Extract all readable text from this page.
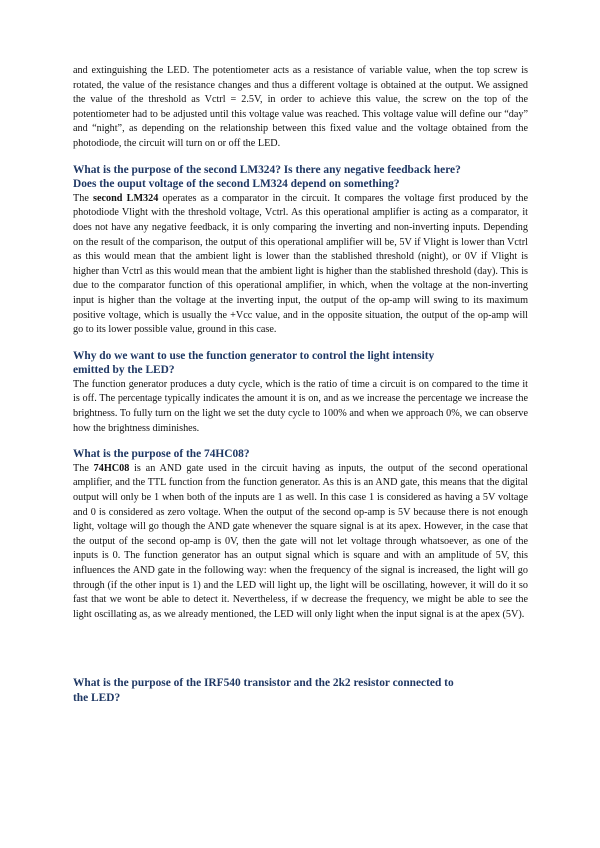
and extinguishing the LED. The potentiometer acts as a resistance of variable value, when the top screw is rotated, the value of the resistance changes and thus a different voltage is obtained at the output. We assigned the value of the threshold as Vctrl = 2.5V, in order to achieve this value, the screw on the top of the potentiometer had to be adjusted until this voltage value was reached. This voltage value will define our “day” and “night”, as depending on the relationship between this fixed value and the voltage obtained from the photodiode, the circuit will turn on or off the LED.

What is the purpose of the second LM324? Is there any negative feedback here?
Does the ouput voltage of the second LM324 depend on something?

The second LM324 operates as a comparator in the circuit. It compares the voltage first produced by the photodiode Vlight with the threshold voltage, Vctrl. As this operational amplifier is acting as a comparator, it does not have any negative feedback, it is only comparing the inverting and non-inverting inputs. Depending on the result of the comparison, the output of this operational amplifier will be, 5V if Vlight is lower than Vctrl as this would mean that the ambient light is lower than the stablished threshold (night), or 0V if Vlight is higher than Vctrl as this would mean that the ambient light is higher than the stablished threshold (day). This is due to the comparator function of this operational amplifier, in which, when the voltage at the non-inverting input is higher than the voltage at the inverting input, the output of the op-amp will swing to its maximum positive voltage, which is usually the +Vcc value, and in the opposite situation, the output of the op-amp will go to its lower possible value, ground in this case.

Why do we want to use the function generator to control the light intensity
emitted by the LED?

The function generator produces a duty cycle, which is the ratio of time a circuit is on compared to the time it is off. The percentage typically indicates the amount it is on, and as we increase the percentage we increase the brightness. To fully turn on the light we set the duty cycle to 100% and when we approach 0%, we can observe how the brightness diminishes.

What is the purpose of the 74HC08?

The 74HC08 is an AND gate used in the circuit having as inputs, the output of the second operational amplifier, and the TTL function from the function generator. As this is an AND gate, this means that the digital output will only be 1 when both of the inputs are 1 as well. In this case 1 is considered as having a 5V voltage and 0 is considered as zero voltage. When the output of the second op-amp is 5V because there is not enough light, voltage will go though the AND gate whenever the square signal is at its apex. However, in the case that the output of the second op-amp is 0V, then the gate will not let voltage through whatsoever, as one of the inputs is 0. The function generator has an output signal which is square and with an amplitude of 5V, this influences the AND gate in the following way: when the frequency of the signal is increased, the light will go through (if the other input is 1) and the LED will light up, the light will be oscillating, however, it will do it so fast that we wont be able to detect it. Nevertheless, if w decrease the frequency, we might be able to see the light oscillating as, as we already mentioned, the LED will only light when the input signal is at the apex (5V).

What is the purpose of the IRF540 transistor and the 2k2 resistor connected to
the LED?
